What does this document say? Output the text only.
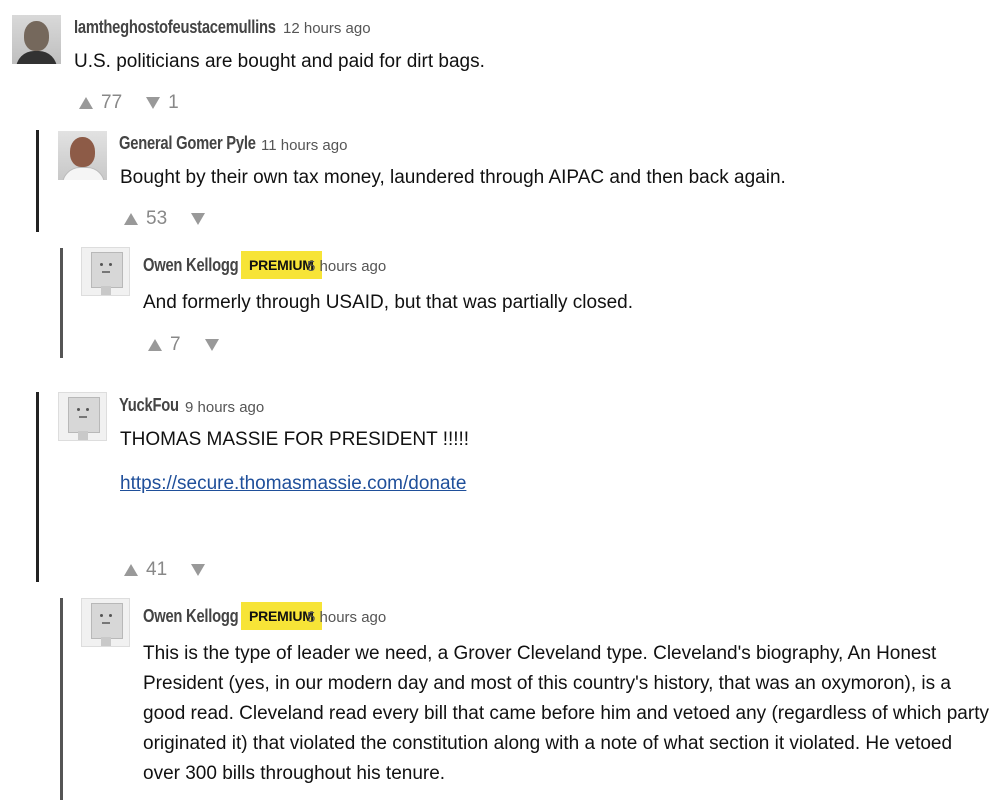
Iamtheghostofeustacemullins 12 hours ago
U.S. politicians are bought and paid for dirt bags.
77 1
General Gomer Pyle 11 hours ago
Bought by their own tax money, laundered through AIPAC and then back again.
53
Owen Kellogg PREMIUM
5 hours ago
And formerly through USAID, but that was partially closed.
7
YuckFou 9 hours ago
THOMAS MASSIE FOR PRESIDENT !!!!!
https://secure.thomasmassie.com/donate
41
Owen Kellogg PREMIUM
5 hours ago
This is the type of leader we need, a Grover Cleveland type. Cleveland's biography, An Honest President (yes, in our modern day and most of this country's history, that was an oxymoron), is a good read. Cleveland read every bill that came before him and vetoed any (regardless of which party originated it) that violated the constitution along with a note of what section it violated. He vetoed over 300 bills throughout his tenure.
